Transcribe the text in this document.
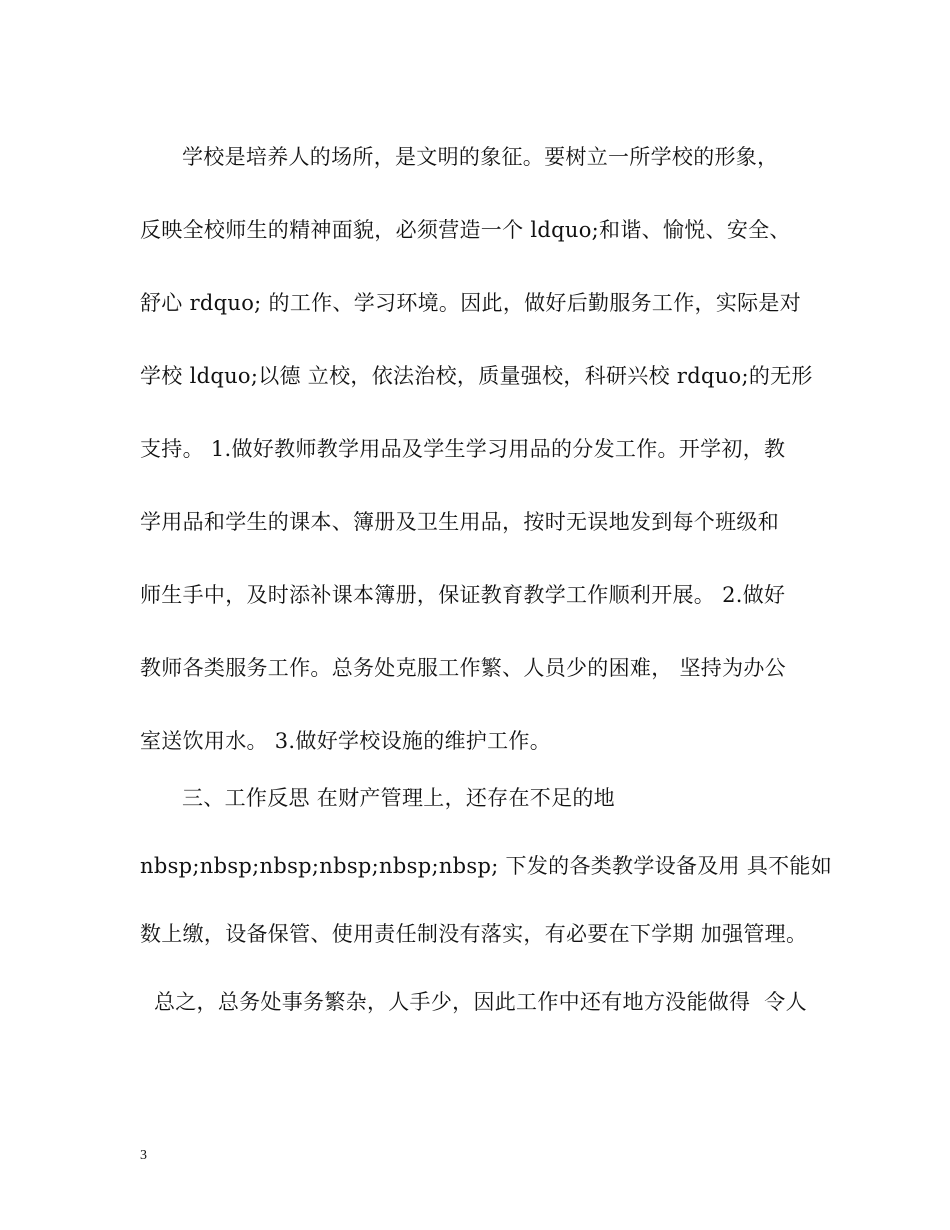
学校是培养人的场所，是文明的象征。要树立一所学校的形象，
反映全校师生的精神面貌，必须营造一个 ldquo;和谐、愉悦、安全、
舒心 rdquo; 的工作、学习环境。因此，做好后勤服务工作，实际是对
学校 ldquo;以德 立校，依法治校，质量强校，科研兴校 rdquo;的无形
支持。 1.做好教师教学用品及学生学习用品的分发工作。开学初，教
学用品和学生的课本、簿册及卫生用品，按时无误地发到每个班级和
师生手中，及时添补课本簿册，保证教育教学工作顺利开展。 2.做好
教师各类服务工作。总务处克服工作繁、人员少的困难， 坚持为办公
室送饮用水。 3.做好学校设施的维护工作。
三、工作反思 在财产管理上，还存在不足的地
nbsp;nbsp;nbsp;nbsp;nbsp;nbsp; 下发的各类教学设备及用 具不能如
数上缴，设备保管、使用责任制没有落实，有必要在下学期 加强管理。
总之，总务处事务繁杂，人手少，因此工作中还有地方没能做得  令人
3
